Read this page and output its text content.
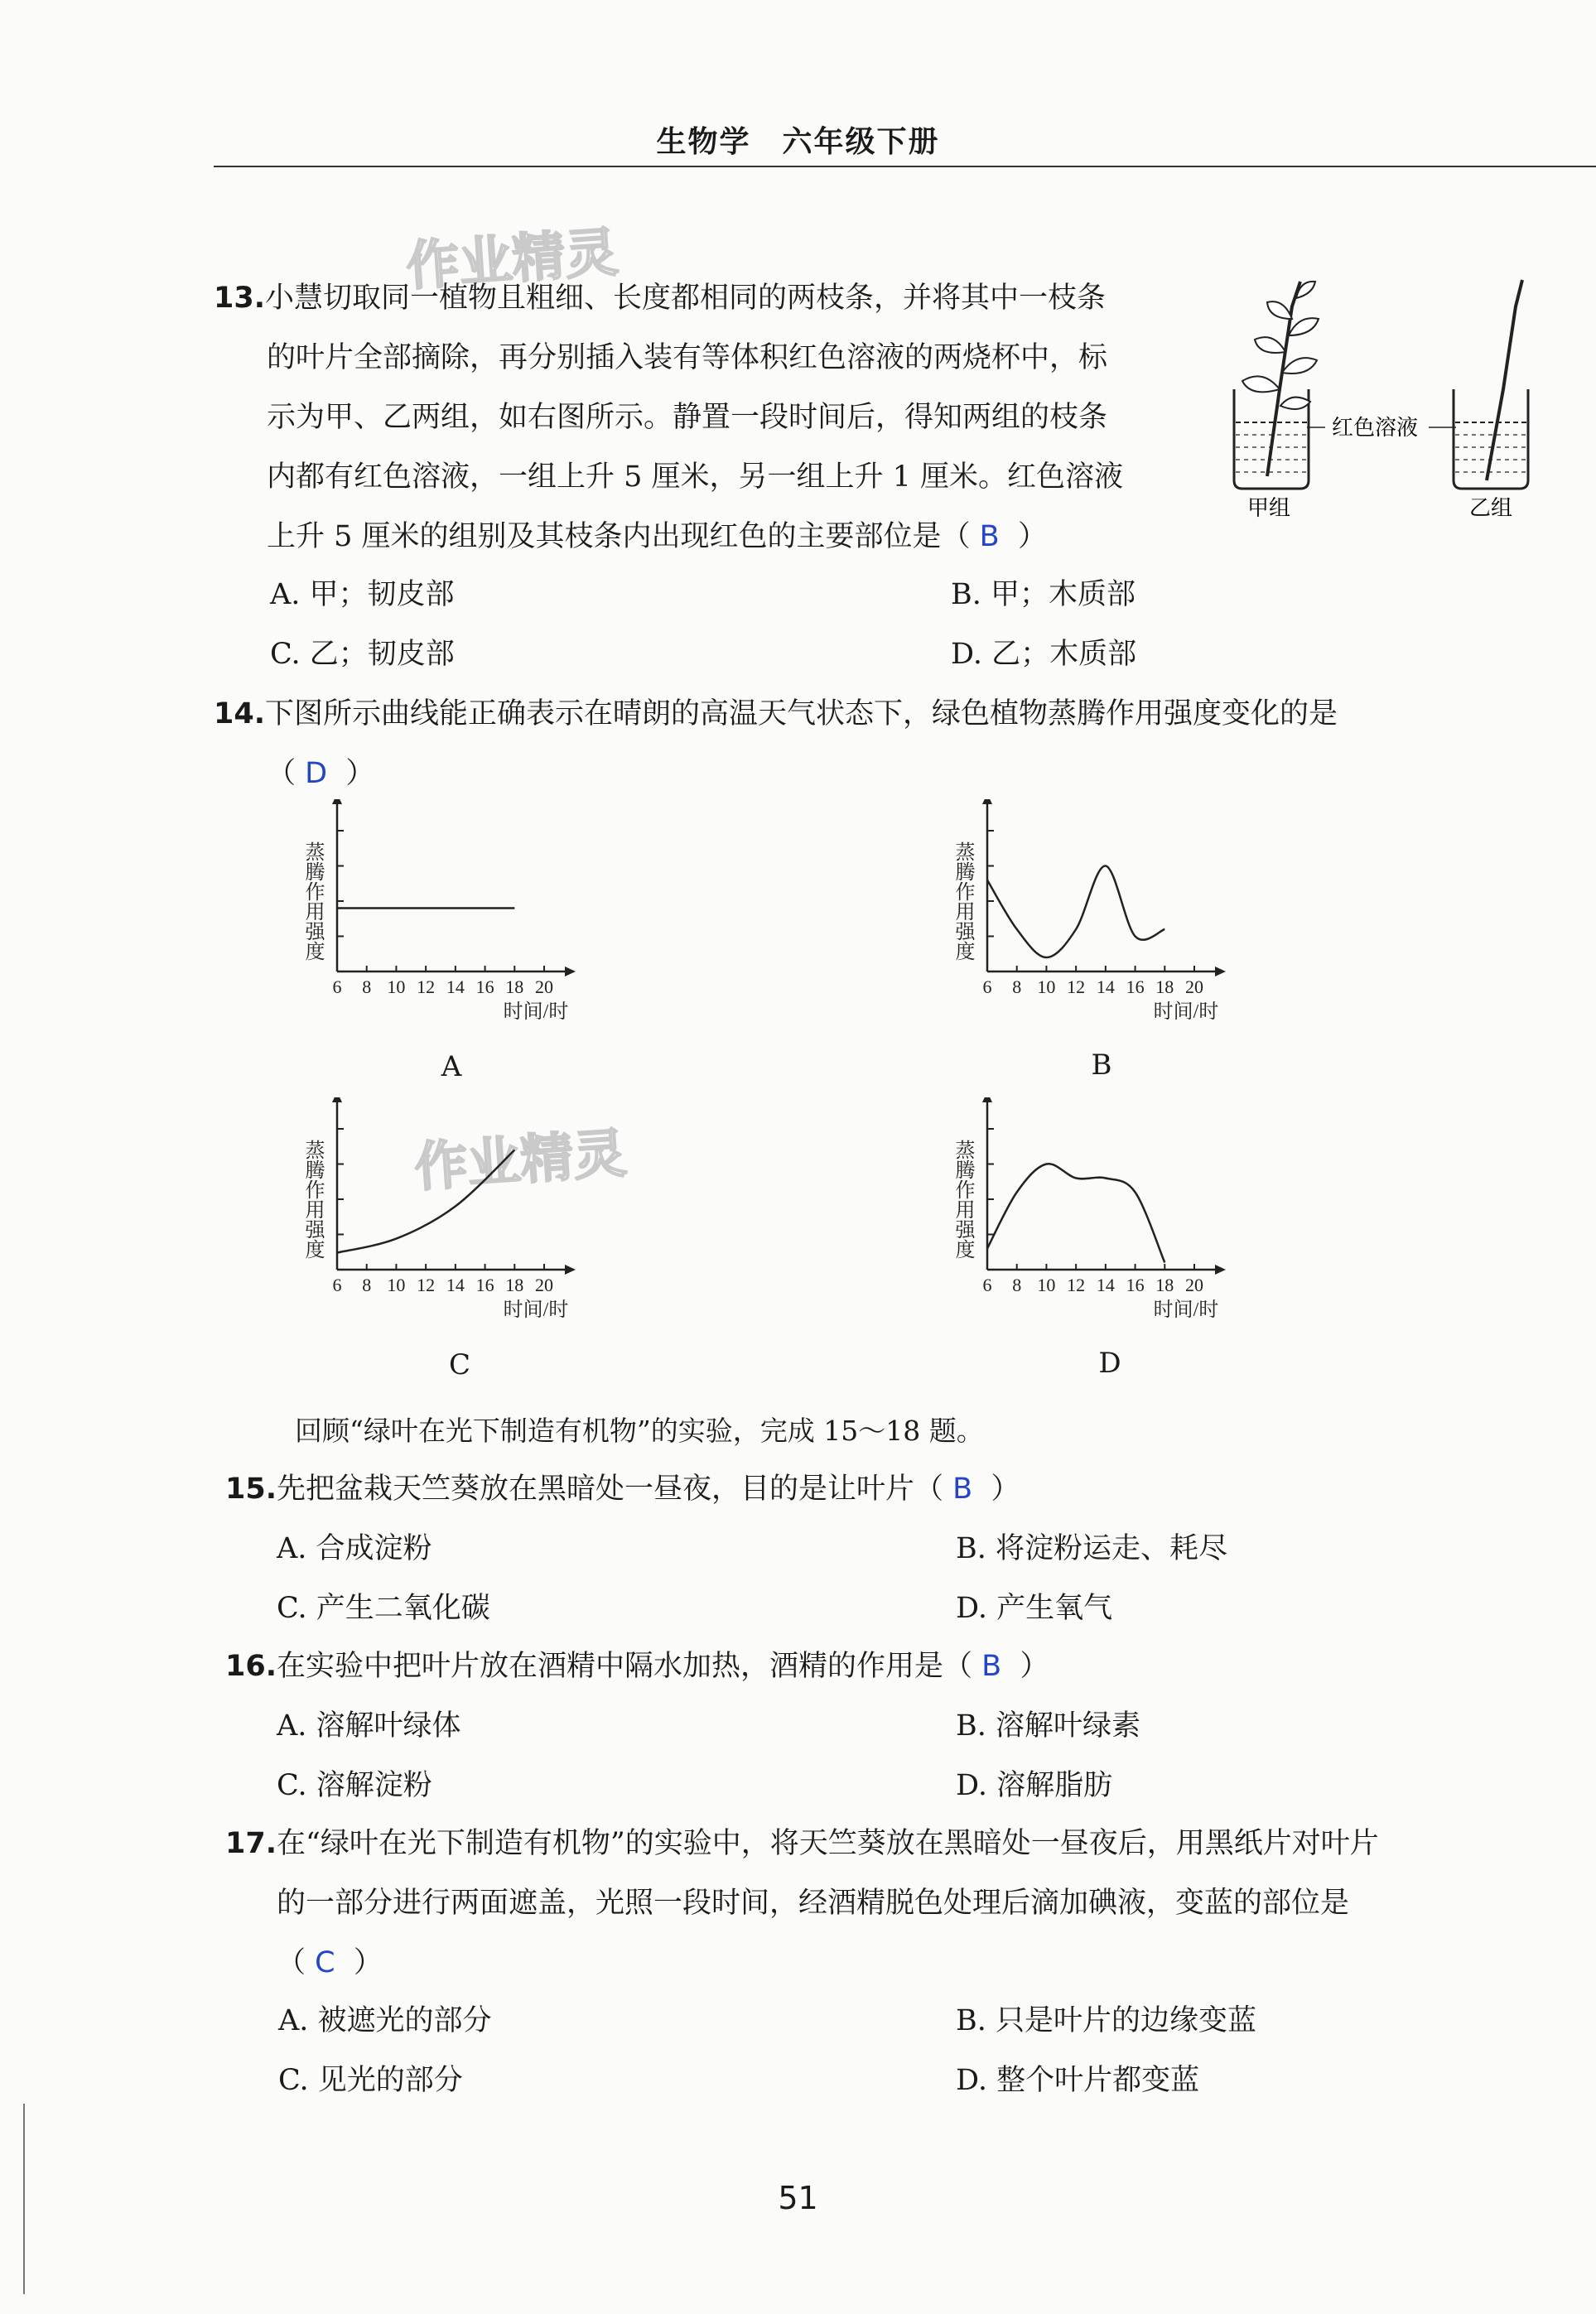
生物学　六年级下册
作业精灵
作业精灵
13.小慧切取同一植物且粗细、长度都相同的两枝条，并将其中一枝条
的叶片全部摘除，再分别插入装有等体积红色溶液的两烧杯中，标
示为甲、乙两组，如右图所示。静置一段时间后，得知两组的枝条
内都有红色溶液，一组上升 5 厘米，另一组上升 1 厘米。红色溶液
上升 5 厘米的组别及其枝条内出现红色的主要部位是（ B ）
红色溶液
甲组	乙组
A. 甲；韧皮部	B. 甲；木质部
C. 乙；韧皮部	D. 乙；木质部
14.下图所示曲线能正确表示在晴朗的高温天气状态下，绿色植物蒸腾作用强度变化的是
（ D ）
6 8 10 12 14 16 18 20
时间/时
蒸腾作用强度
6 8 10 12 14 16 18 20
时间/时
蒸腾作用强度
6 8 10 12 14 16 18 20
时间/时
蒸腾作用强度
6 8 10 12 14 16 18 20
时间/时
蒸腾作用强度
A	B
C	D
回顾“绿叶在光下制造有机物”的实验，完成 15～18 题。
15.先把盆栽天竺葵放在黑暗处一昼夜，目的是让叶片（ B ）
A. 合成淀粉	B. 将淀粉运走、耗尽
C. 产生二氧化碳	D. 产生氧气
16.在实验中把叶片放在酒精中隔水加热，酒精的作用是（ B ）
A. 溶解叶绿体	B. 溶解叶绿素
C. 溶解淀粉	D. 溶解脂肪
17.在“绿叶在光下制造有机物”的实验中，将天竺葵放在黑暗处一昼夜后，用黑纸片对叶片
的一部分进行两面遮盖，光照一段时间，经酒精脱色处理后滴加碘液，变蓝的部位是
（ C ）
A. 被遮光的部分	B. 只是叶片的边缘变蓝
C. 见光的部分	D. 整个叶片都变蓝
51
